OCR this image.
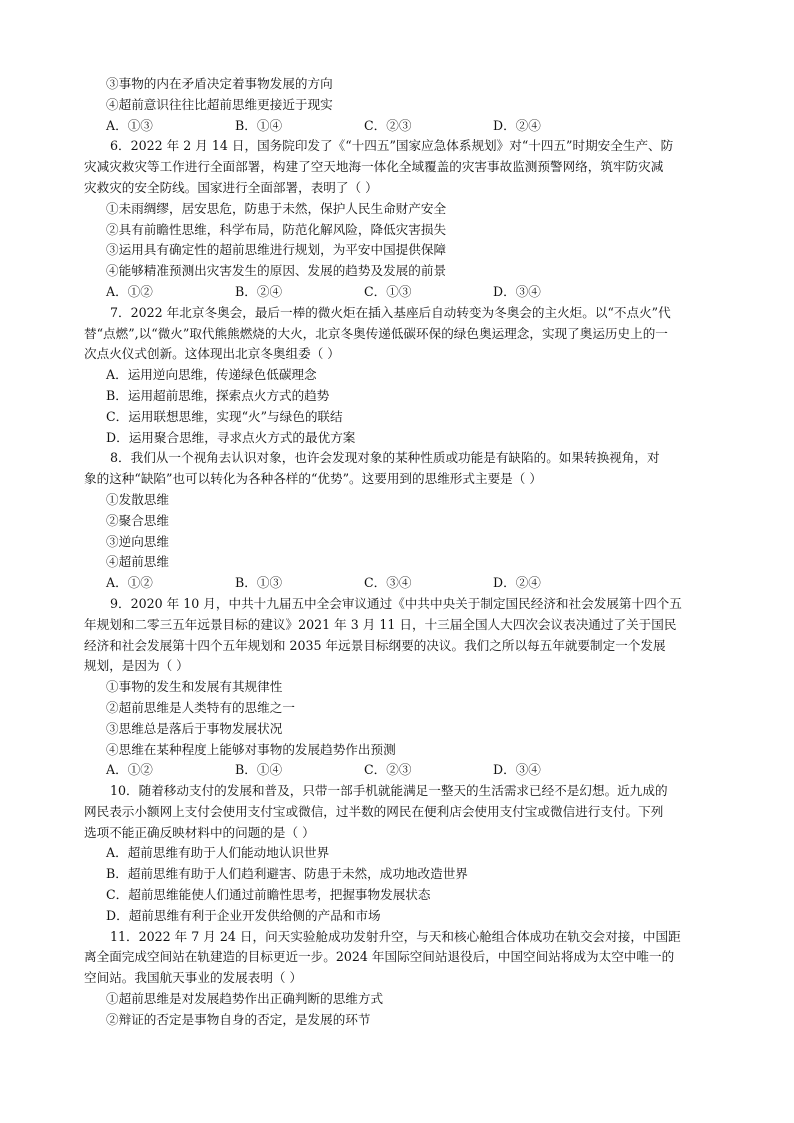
③事物的内在矛盾决定着事物发展的方向
④超前意识往往比超前思维更接近于现实
A．①③	B．①④	C．②③	D．②④
6．2022 年 2 月 14 日，国务院印发了《“十四五”国家应急体系规划》对“十四五”时期安全生产、防
灾减灾救灾等工作进行全面部署，构建了空天地海一体化全域覆盖的灾害事故监测预警网络，筑牢防灾减
灾救灾的安全防线。国家进行全面部署，表明了（ ）
①未雨绸缪，居安思危，防患于未然，保护人民生命财产安全
②具有前瞻性思维，科学布局，防范化解风险，降低灾害损失
③运用具有确定性的超前思维进行规划，为平安中国提供保障
④能够精准预测出灾害发生的原因、发展的趋势及发展的前景
A．①②	B．②④	C．①③	D．③④
7．2022 年北京冬奥会，最后一棒的微火炬在插入基座后自动转变为冬奥会的主火炬。以“不点火”代
替“点燃”,以“微火”取代熊熊燃烧的大火，北京冬奥传递低碳环保的绿色奥运理念，实现了奥运历史上的一
次点火仪式创新。这体现出北京冬奥组委（ ）
A．运用逆向思维，传递绿色低碳理念
B．运用超前思维，探索点火方式的趋势
C．运用联想思维，实现“火”与绿色的联结
D．运用聚合思维，寻求点火方式的最优方案
8．我们从一个视角去认识对象，也许会发现对象的某种性质或功能是有缺陷的。如果转换视角，对
象的这种“缺陷”也可以转化为各种各样的“优势”。这要用到的思维形式主要是（ ）
①发散思维
②聚合思维
③逆向思维
④超前思维
A．①②	B．①③	C．③④	D．②④
9．2020 年 10 月，中共十九届五中全会审议通过《中共中央关于制定国民经济和社会发展第十四个五
年规划和二零三五年远景目标的建议》2021 年 3 月 11 日，十三届全国人大四次会议表决通过了关于国民
经济和社会发展第十四个五年规划和 2035 年远景目标纲要的决议。我们之所以每五年就要制定一个发展
规划，是因为（ ）
①事物的发生和发展有其规律性
②超前思维是人类特有的思维之一
③思维总是落后于事物发展状况
④思维在某种程度上能够对事物的发展趋势作出预测
A．①②	B．①④	C．②③	D．③④
10．随着移动支付的发展和普及，只带一部手机就能满足一整天的生活需求已经不是幻想。近九成的
网民表示小额网上支付会使用支付宝或微信，过半数的网民在便利店会使用支付宝或微信进行支付。下列
选项不能正确反映材料中的问题的是（ ）
A．超前思维有助于人们能动地认识世界
B．超前思维有助于人们趋利避害、防患于未然，成功地改造世界
C．超前思维能使人们通过前瞻性思考，把握事物发展状态
D．超前思维有利于企业开发供给侧的产品和市场
11．2022 年 7 月 24 日，问天实验舱成功发射升空，与天和核心舱组合体成功在轨交会对接，中国距
离全面完成空间站在轨建造的目标更近一步。2024 年国际空间站退役后，中国空间站将成为太空中唯一的
空间站。我国航天事业的发展表明（ ）
①超前思维是对发展趋势作出正确判断的思维方式
②辩证的否定是事物自身的否定，是发展的环节
